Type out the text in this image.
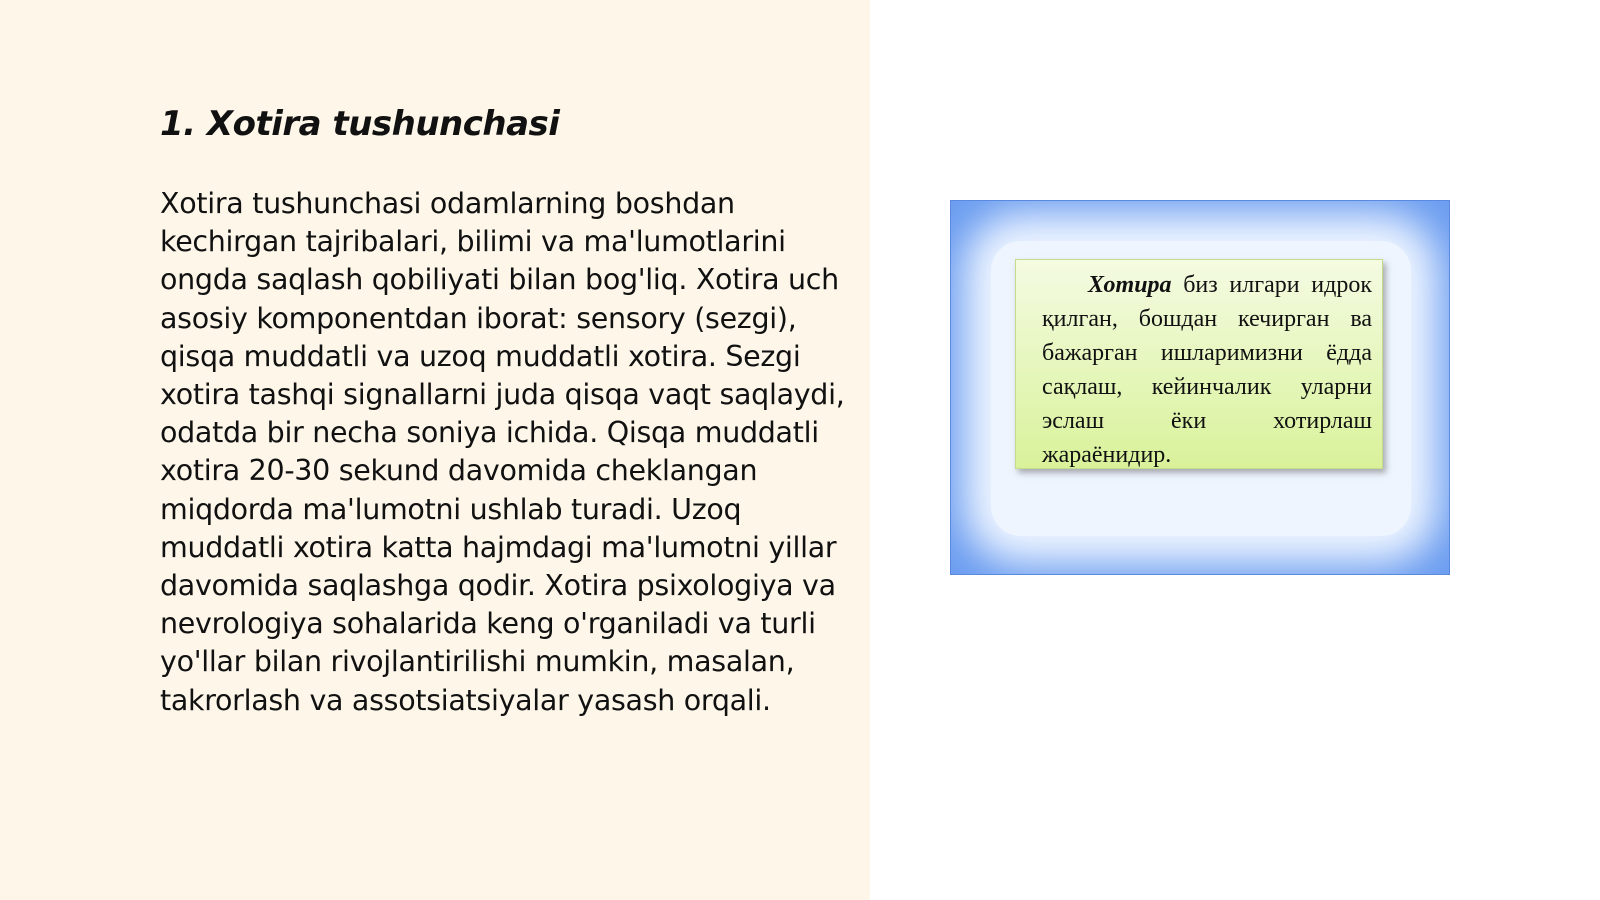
1. Xotira tushunchasi

Xotira tushunchasi odamlarning boshdan kechirgan tajribalari, bilimi va ma'lumotlarini ongda saqlash qobiliyati bilan bog'liq. Xotira uch asosiy komponentdan iborat: sensory (sezgi), qisqa muddatli va uzoq muddatli xotira. Sezgi xotira tashqi signallarni juda qisqa vaqt saqlaydi, odatda bir necha soniya ichida. Qisqa muddatli xotira 20-30 sekund davomida cheklangan miqdorda ma'lumotni ushlab turadi. Uzoq muddatli xotira katta hajmdagi ma'lumotni yillar davomida saqlashga qodir. Xotira psixologiya va nevrologiya sohalarida keng o'rganiladi va turli yo'llar bilan rivojlantirilishi mumkin, masalan, takrorlash va assotsiatsiyalar yasash orqali.

Хотира биз илгари идрок қилган, бошдан кечирган ва бажарган ишларимизни ёдда сақлаш, кейинчалик уларни эслаш ёки хотирлаш жараёнидир.
